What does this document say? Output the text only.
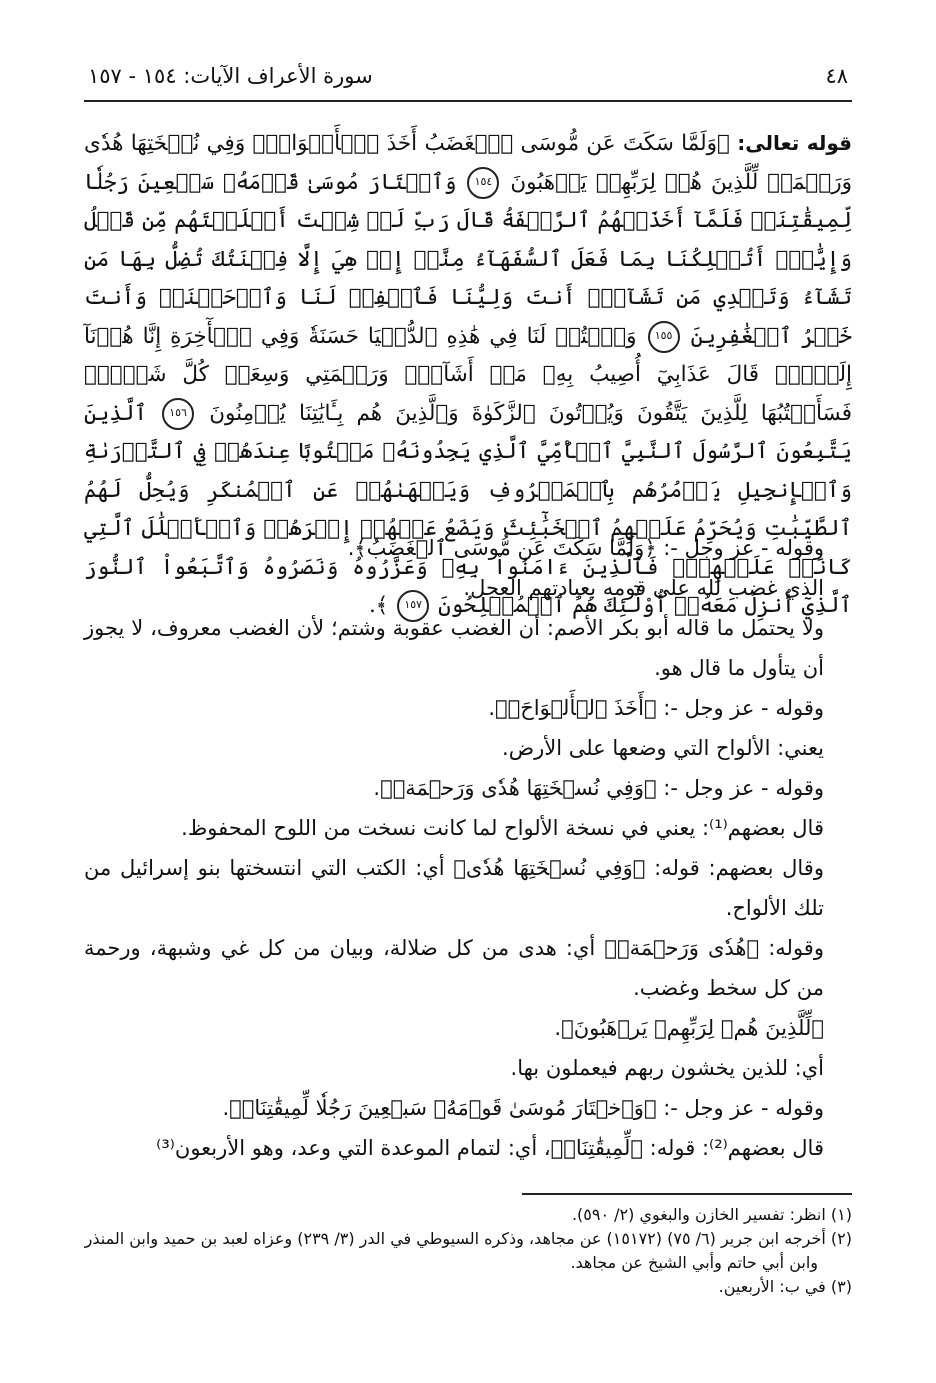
٤٨
سورة الأعراف الآيات: ١٥٤ - ١٥٧
قوله تعالى: ﴿وَلَمَّا سَكَتَ عَن مُّوسَى ٱلۡغَضَبُ أَخَذَ ٱلۡأَلۡوَاحَۖ وَفِي نُسۡخَتِهَا هُدٗى وَرَحۡمَةٞ لِّلَّذِينَ هُمۡ لِرَبِّهِمۡ يَرۡهَبُونَ ١٥٤ وَٱخۡتَارَ مُوسَىٰ قَوۡمَهُۥ سَبۡعِينَ رَجُلٗا لِّمِيقَٰتِنَاۖ فَلَمَّآ أَخَذَتۡهُمُ ٱلرَّجۡفَةُ قَالَ رَبِّ لَوۡ شِئۡتَ أَهۡلَكۡتَهُم مِّن قَبۡلُ وَإِيَّٰيَۖ أَتُهۡلِكُنَا بِمَا فَعَلَ ٱلسُّفَهَآءُ مِنَّآۖ إِنۡ هِيَ إِلَّا فِتۡنَتُكَ تُضِلُّ بِهَا مَن تَشَآءُ وَتَهۡدِي مَن تَشَآءُۖ أَنتَ وَلِيُّنَا فَٱغۡفِرۡ لَنَا وَٱرۡحَمۡنَاۖ وَأَنتَ خَيۡرُ ٱلۡغَٰفِرِينَ ١٥٥ وَٱكۡتُبۡ لَنَا فِي هَٰذِهِ ٱلدُّنۡيَا حَسَنَةٗ وَفِي ٱلۡأٓخِرَةِ إِنَّا هُدۡنَآ إِلَيۡكَۚ قَالَ عَذَابِيٓ أُصِيبُ بِهِۦ مَنۡ أَشَآءُۖ وَرَحۡمَتِي وَسِعَتۡ كُلَّ شَيۡءٖۚ فَسَأَكۡتُبُهَا لِلَّذِينَ يَتَّقُونَ وَيُؤۡتُونَ ٱلزَّكَوٰةَ وَٱلَّذِينَ هُم بِـَٔايَٰتِنَا يُؤۡمِنُونَ ١٥٦ ٱلَّذِينَ يَتَّبِعُونَ ٱلرَّسُولَ ٱلنَّبِيَّ ٱلۡأُمِّيَّ ٱلَّذِي يَجِدُونَهُۥ مَكۡتُوبًا عِندَهُمۡ فِي ٱلتَّوۡرَىٰةِ وَٱلۡإِنجِيلِ يَأۡمُرُهُم بِٱلۡمَعۡرُوفِ وَيَنۡهَىٰهُمۡ عَنِ ٱلۡمُنكَرِ وَيُحِلُّ لَهُمُ ٱلطَّيِّبَٰتِ وَيُحَرِّمُ عَلَيۡهِمُ ٱلۡخَبَٰٓئِثَ وَيَضَعُ عَنۡهُمۡ إِصۡرَهُمۡ وَٱلۡأَغۡلَٰلَ ٱلَّتِي كَانَتۡ عَلَيۡهِمۡۚ فَٱلَّذِينَ ءَامَنُواْ بِهِۦ وَعَزَّرُوهُ وَنَصَرُوهُ وَٱتَّبَعُواْ ٱلنُّورَ ٱلَّذِيٓ أُنزِلَ مَعَهُۥٓ أُوْلَٰٓئِكَ هُمُ ٱلۡمُفۡلِحُونَ ١٥٧ ﴾.

وقوله - عز وجل -: ﴿وَلَمَّا سَكَتَ عَن مُّوسَى ٱلۡغَضَبُ﴾.

الذي غضب لله على قومه بعبادتهم العجل.

ولا يحتمل ما قاله أبو بكر الأصم: أن الغضب عقوبة وشتم؛ لأن الغضب معروف، لا يجوز أن يتأول ما قال هو.

وقوله - عز وجل -: ﴿أَخَذَ ٱلۡأَلۡوَاحَۖ﴾.

يعني: الألواح التي وضعها على الأرض.

وقوله - عز وجل -: ﴿وَفِي نُسۡخَتِهَا هُدٗى وَرَحۡمَةٞ﴾.

قال بعضهم⁽¹⁾: يعني في نسخة الألواح لما كانت نسخت من اللوح المحفوظ.

وقال بعضهم: قوله: ﴿وَفِي نُسۡخَتِهَا هُدٗى﴾ أي: الكتب التي انتسختها بنو إسرائيل من تلك الألواح.

وقوله: ﴿هُدٗى وَرَحۡمَةٞ﴾ أي: هدى من كل ضلالة، وبيان من كل غي وشبهة، ورحمة من كل سخط وغضب.

﴿لِّلَّذِينَ هُمۡ لِرَبِّهِمۡ يَرۡهَبُونَ﴾.

أي: للذين يخشون ربهم فيعملون بها.

وقوله - عز وجل -: ﴿وَٱخۡتَارَ مُوسَىٰ قَوۡمَهُۥ سَبۡعِينَ رَجُلٗا لِّمِيقَٰتِنَاۖ﴾.

قال بعضهم⁽²⁾: قوله: ﴿لِّمِيقَٰتِنَاۖ﴾، أي: لتمام الموعدة التي وعد، وهو الأربعون⁽³⁾

(١) انظر: تفسير الخازن والبغوي (٢/ ٥٩٠).

(٢) أخرجه ابن جرير (٦/ ٧٥) (١٥١٧٢) عن مجاهد، وذكره السيوطي في الدر (٣/ ٢٣٩) وعزاه لعبد بن حميد وابن المنذر وابن أبي حاتم وأبي الشيخ عن مجاهد.

(٣) في ب: الأربعين.
